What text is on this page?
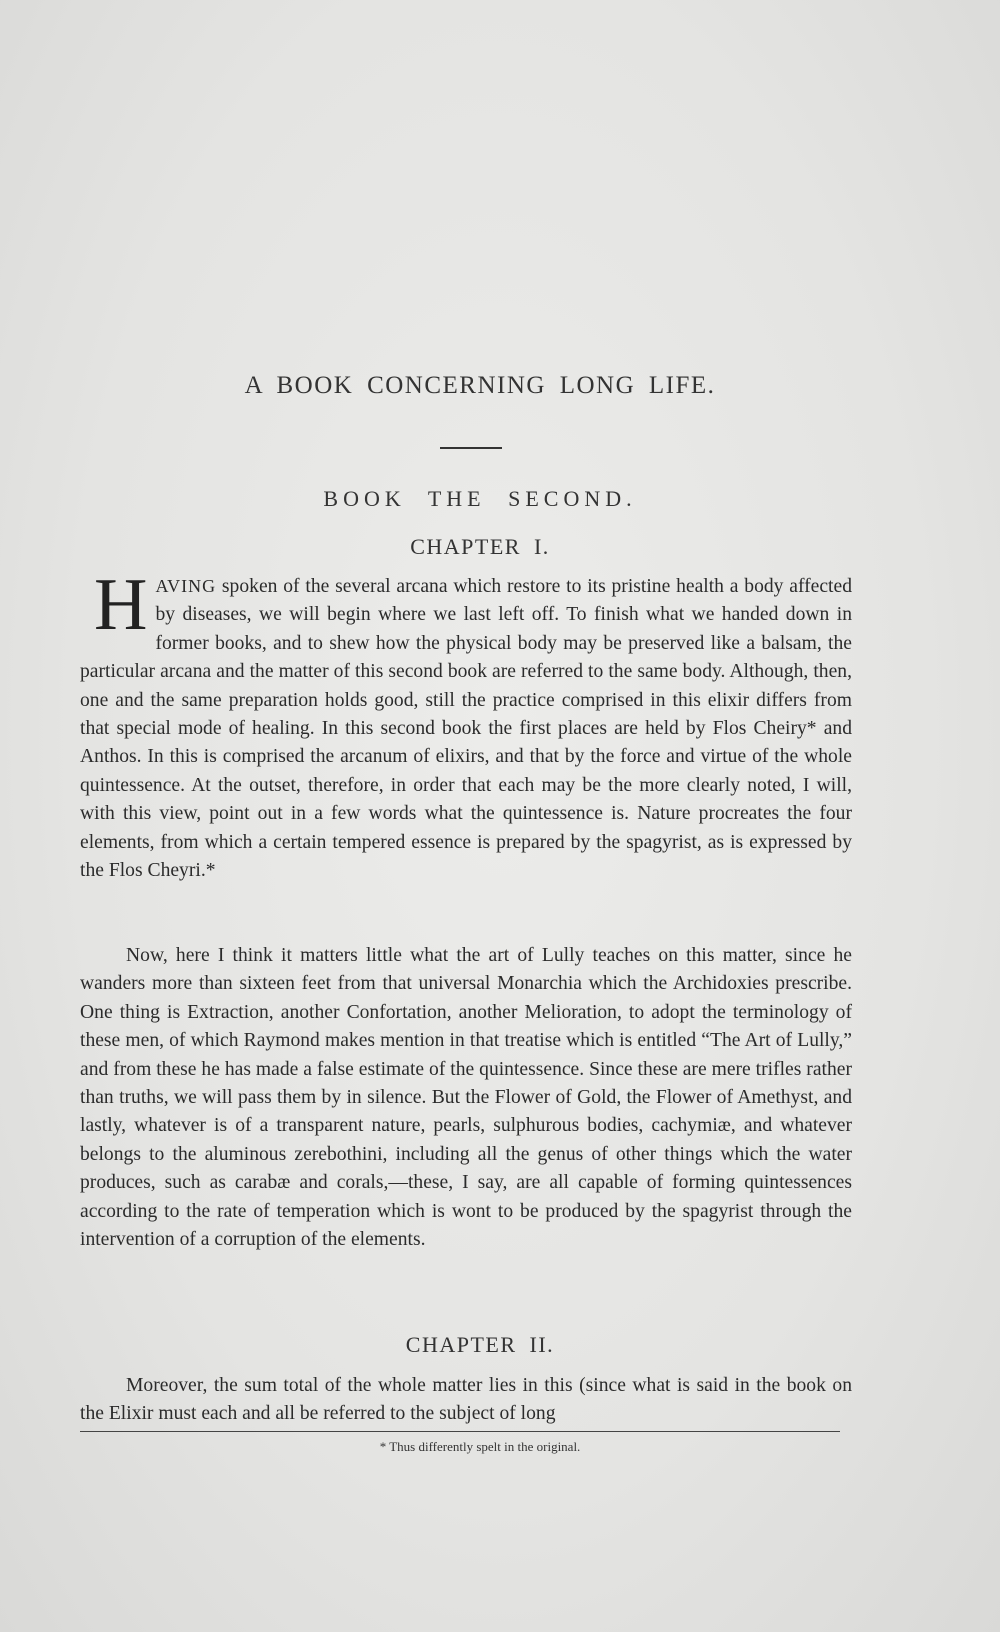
A BOOK CONCERNING LONG LIFE.
BOOK THE SECOND.
CHAPTER I.

HAVING spoken of the several arcana which restore to its pristine health a body affected by diseases, we will begin where we last left off. To finish what we handed down in former books, and to shew how the physical body may be preserved like a balsam, the particular arcana and the matter of this second book are referred to the same body. Although, then, one and the same preparation holds good, still the practice comprised in this elixir differs from that special mode of healing. In this second book the first places are held by Flos Cheiry* and Anthos. In this is comprised the arcanum of elixirs, and that by the force and virtue of the whole quintessence. At the outset, therefore, in order that each may be the more clearly noted, I will, with this view, point out in a few words what the quintessence is. Nature procreates the four elements, from which a certain tempered essence is prepared by the spagyrist, as is expressed by the Flos Cheyri.*

Now, here I think it matters little what the art of Lully teaches on this matter, since he wanders more than sixteen feet from that universal Monarchia which the Archidoxies prescribe. One thing is Extraction, another Confortation, another Melioration, to adopt the terminology of these men, of which Raymond makes mention in that treatise which is entitled “The Art of Lully,” and from these he has made a false estimate of the quintessence. Since these are mere trifles rather than truths, we will pass them by in silence. But the Flower of Gold, the Flower of Amethyst, and lastly, whatever is of a transparent nature, pearls, sulphurous bodies, cachymiæ, and whatever belongs to the aluminous zerebothini, including all the genus of other things which the water produces, such as carabæ and corals,—these, I say, are all capable of forming quintessences according to the rate of temperation which is wont to be produced by the spagyrist through the intervention of a corruption of the elements.

CHAPTER II.

Moreover, the sum total of the whole matter lies in this (since what is said in the book on the Elixir must each and all be referred to the subject of long

* Thus differently spelt in the original.
